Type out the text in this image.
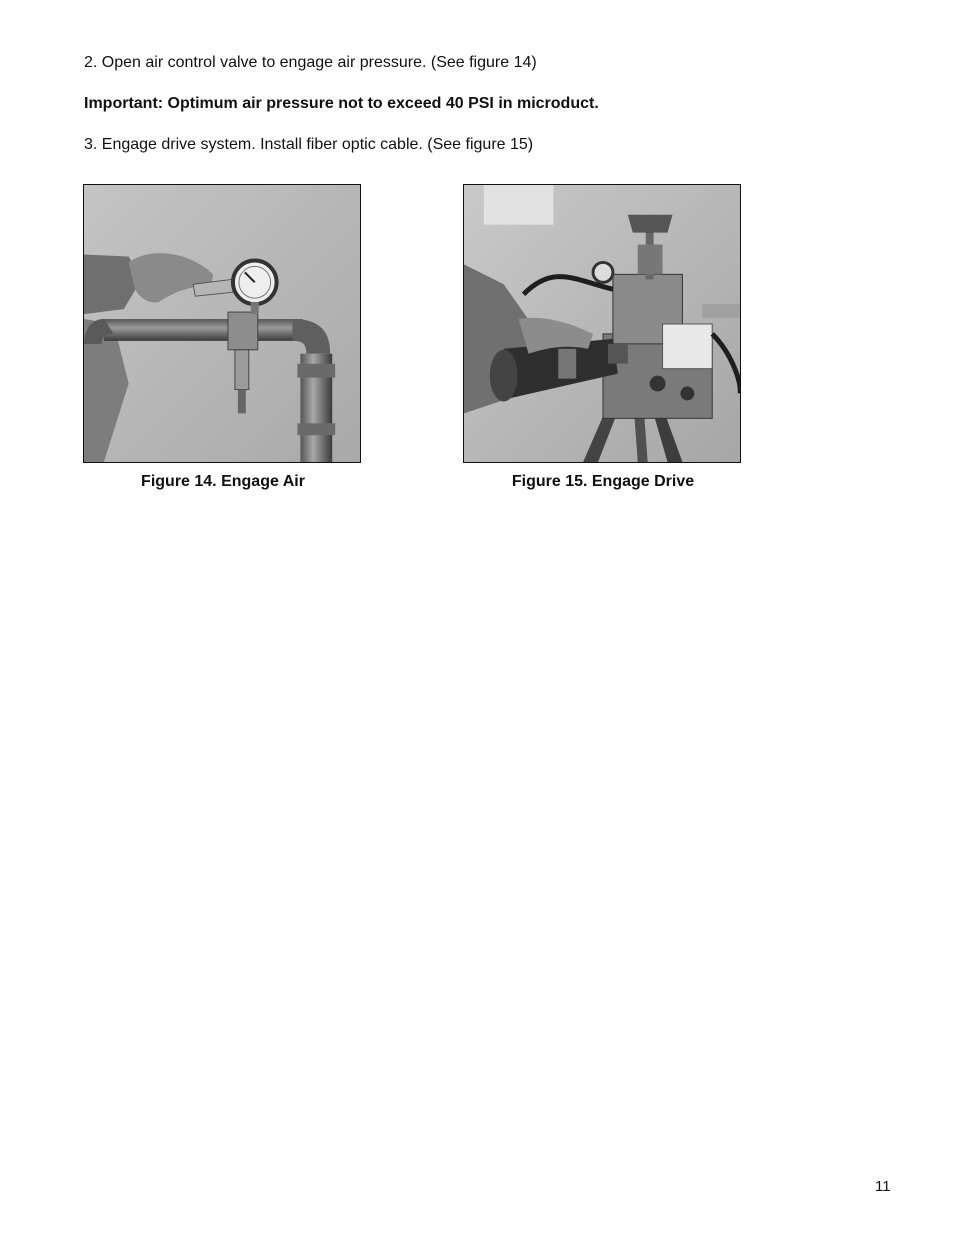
2. Open air control valve to engage air pressure. (See figure 14)
Important: Optimum air pressure not to exceed 40 PSI in microduct.
3. Engage drive system. Install fiber optic cable. (See figure 15)
Figure 14. Engage Air	Figure 15. Engage Drive
11
